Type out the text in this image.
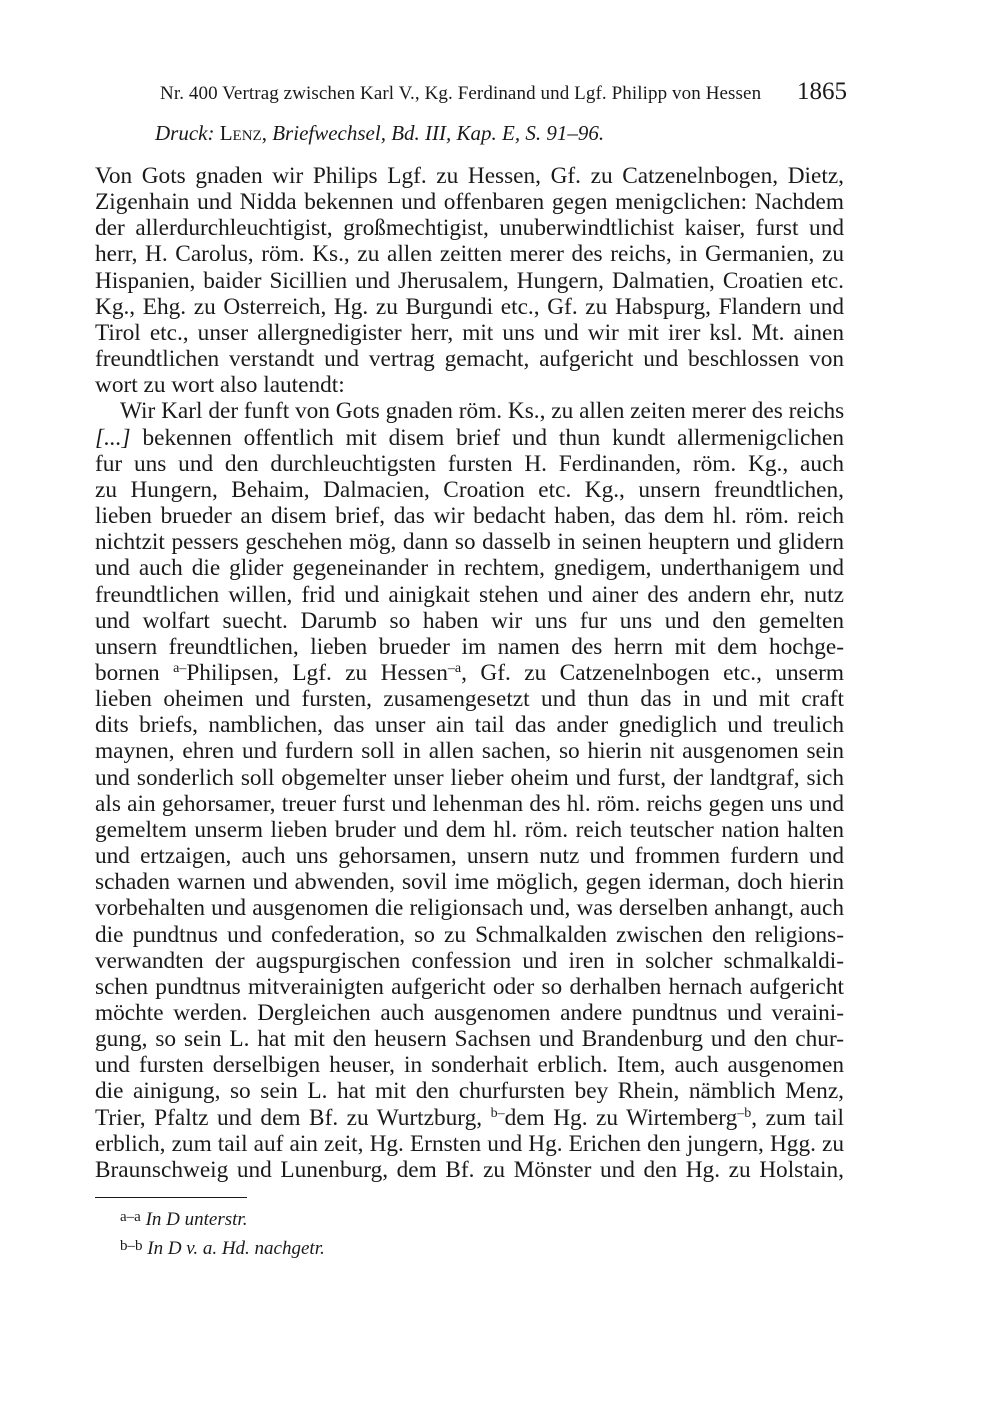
Nr. 400 Vertrag zwischen Karl V., Kg. Ferdinand und Lgf. Philipp von Hessen 1865
Druck: Lenz, Briefwechsel, Bd. III, Kap. E, S. 91–96.
Von Gots gnaden wir Philips Lgf. zu Hessen, Gf. zu Catzenelnbogen, Dietz,
Zigenhain und Nidda bekennen und offenbaren gegen menigclichen: Nachdem
der allerdurchleuchtigist, großmechtigist, unuberwindtlichist kaiser, furst und
herr, H. Carolus, röm. Ks., zu allen zeitten merer des reichs, in Germanien, zu
Hispanien, baider Sicillien und Jherusalem, Hungern, Dalmatien, Croatien etc.
Kg., Ehg. zu Osterreich, Hg. zu Burgundi etc., Gf. zu Habspurg, Flandern und
Tirol etc., unser allergnedigister herr, mit uns und wir mit irer ksl. Mt. ainen
freundtlichen verstandt und vertrag gemacht, aufgericht und beschlossen von
wort zu wort also lautendt:
Wir Karl der funft von Gots gnaden röm. Ks., zu allen zeiten merer des reichs
[...] bekennen offentlich mit disem brief und thun kundt allermenigclichen
fur uns und den durchleuchtigsten fursten H. Ferdinanden, röm. Kg., auch
zu Hungern, Behaim, Dalmacien, Croation etc. Kg., unsern freundtlichen,
lieben brueder an disem brief, das wir bedacht haben, das dem hl. röm. reich
nichtzit pessers geschehen mög, dann so dasselb in seinen heuptern und glidern
und auch die glider gegeneinander in rechtem, gnedigem, underthanigem und
freundtlichen willen, frid und ainigkait stehen und ainer des andern ehr, nutz
und wolfart suecht. Darumb so haben wir uns fur uns und den gemelten
unsern freundtlichen, lieben brueder im namen des herrn mit dem hochge-
bornen $^{a-}$Philipsen, Lgf. zu Hessen$^{-a}$, Gf. zu Catzenelnbogen etc., unserm
lieben oheimen und fursten, zusamengesetzt und thun das in und mit craft
dits briefs, namblichen, das unser ain tail das ander gnediglich und treulich
maynen, ehren und furdern soll in allen sachen, so hierin nit ausgenomen sein
und sonderlich soll obgemelter unser lieber oheim und furst, der landtgraf, sich
als ain gehorsamer, treuer furst und lehenman des hl. röm. reichs gegen uns und
gemeltem unserm lieben bruder und dem hl. röm. reich teutscher nation halten
und ertzaigen, auch uns gehorsamen, unsern nutz und frommen furdern und
schaden warnen und abwenden, sovil ime möglich, gegen iderman, doch hierin
vorbehalten und ausgenomen die religionsach und, was derselben anhangt, auch
die pundtnus und confederation, so zu Schmalkalden zwischen den religions-
verwandten der augspurgischen confession und iren in solcher schmalkaldi-
schen pundtnus mitverainigten aufgericht oder so derhalben hernach aufgericht
möchte werden. Dergleichen auch ausgenomen andere pundtnus und veraini-
gung, so sein L. hat mit den heusern Sachsen und Brandenburg und den chur-
und fursten derselbigen heuser, in sonderhait erblich. Item, auch ausgenomen
die ainigung, so sein L. hat mit den churfursten bey Rhein, nämblich Menz,
Trier, Pfaltz und dem Bf. zu Wurtzburg, $^{b-}$dem Hg. zu Wirtemberg$^{-b}$, zum tail
erblich, zum tail auf ain zeit, Hg. Ernsten und Hg. Erichen den jungern, Hgg. zu
Braunschweig und Lunenburg, dem Bf. zu Mönster und den Hg. zu Holstain,
$^{a-a}$ In D unterstr.
$^{b-b}$ In D v. a. Hd. nachgetr.
